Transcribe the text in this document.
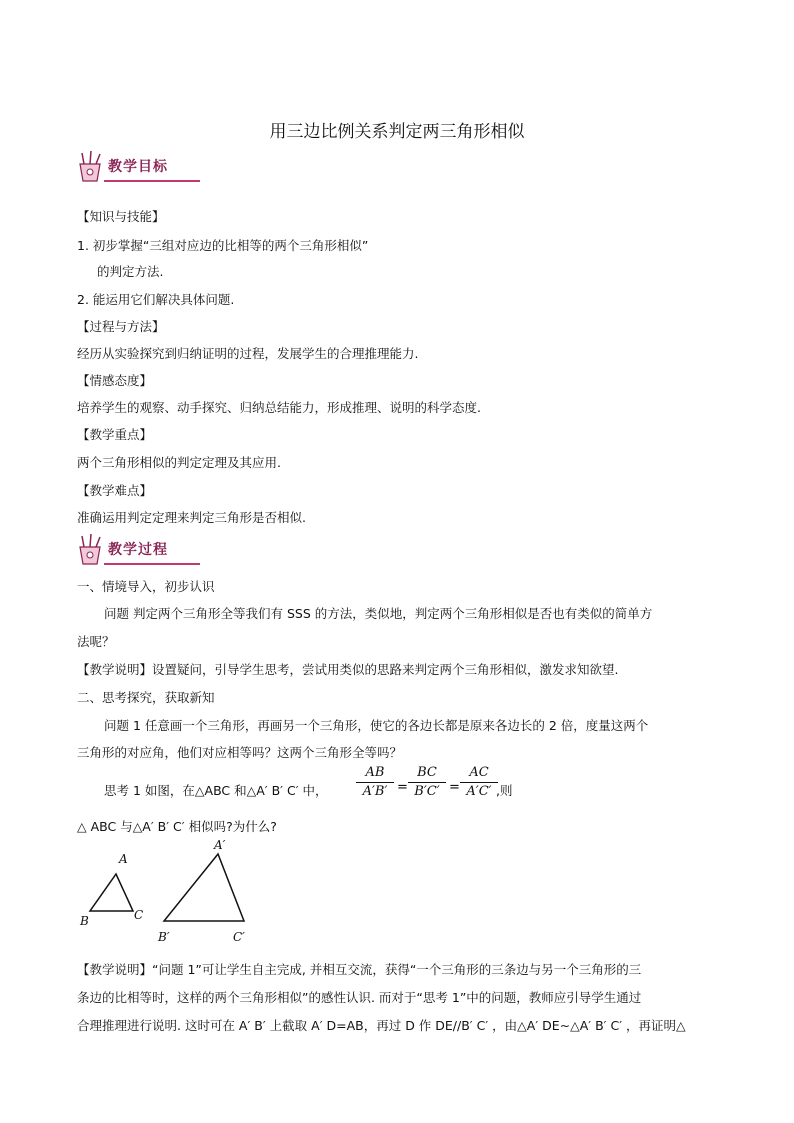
用三边比例关系判定两三角形相似
教学目标
【知识与技能】
1. 初步掌握“三组对应边的比相等的两个三角形相似”
的判定方法.
2. 能运用它们解决具体问题.
【过程与方法】
经历从实验探究到归纳证明的过程，发展学生的合理推理能力.
【情感态度】
培养学生的观察、动手探究、归纳总结能力，形成推理、说明的科学态度.
【教学重点】
两个三角形相似的判定定理及其应用.
【教学难点】
准确运用判定定理来判定三角形是否相似.
教学过程
一、情境导入，初步认识
问题 判定两个三角形全等我们有 SSS 的方法，类似地，判定两个三角形相似是否也有类似的简单方
法呢？
【教学说明】设置疑问，引导学生思考，尝试用类似的思路来判定两个三角形相似，激发求知欲望.
二、思考探究，获取新知
问题 1 任意画一个三角形，再画另一个三角形，使它的各边长都是原来各边长的 2 倍，度量这两个
三角形的对应角，他们对应相等吗？这两个三角形全等吗？
思考 1 如图，在△ABC 和△A′ B′ C′ 中，
AB
A′B′ =
BC
B′C′ =
AC
A′C′ ,则
△ ABC 与△A′ B′ C′ 相似吗?为什么?
A
B	C
A′
B′	C′
【教学说明】“问题 1”可让学生自主完成, 并相互交流，获得“一个三角形的三条边与另一个三角形的三
条边的比相等时，这样的两个三角形相似”的感性认识. 而对于“思考 1”中的问题，教师应引导学生通过
合理推理进行说明. 这时可在 A′ B′ 上截取 A′ D=AB，再过 D 作 DE//B′ C′ ，由△A′ DE∼△A′ B′ C′ ，再证明△
